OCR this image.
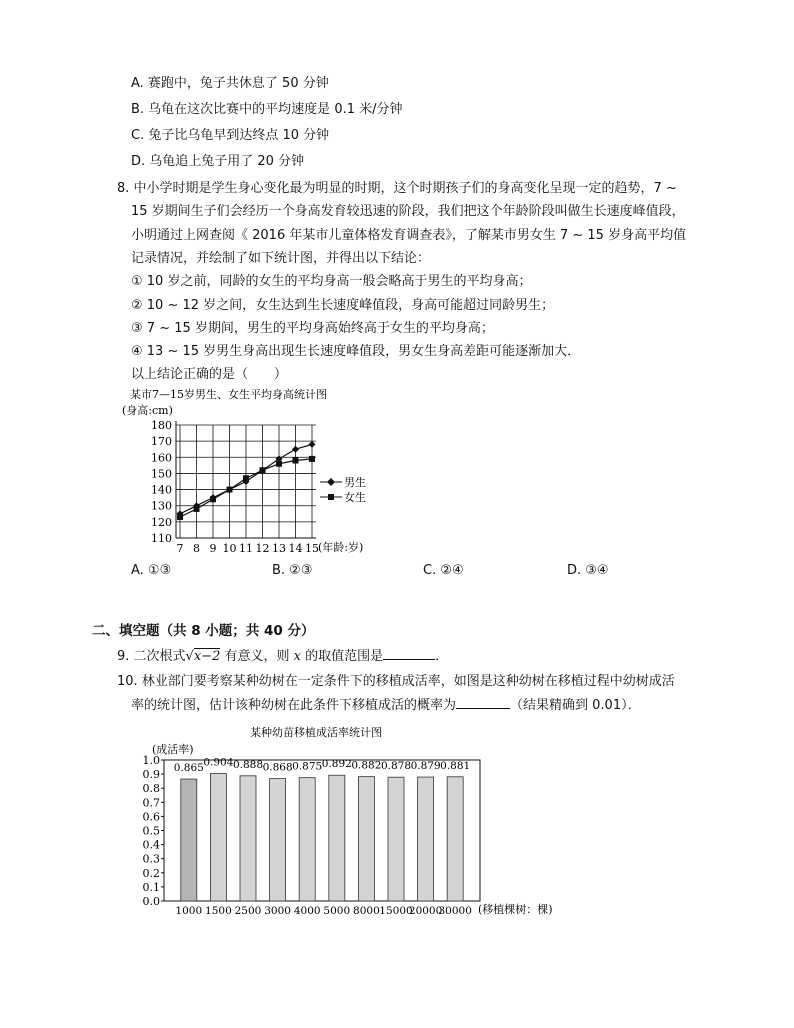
A. 赛跑中，兔子共休息了 50 分钟
B. 乌龟在这次比赛中的平均速度是 0.1 米/分钟
C. 兔子比乌龟早到达终点 10 分钟
D. 乌龟追上兔子用了 20 分钟
8. 中小学时期是学生身心变化最为明显的时期，这个时期孩子们的身高变化呈现一定的趋势，7 ~
15 岁期间生子们会经历一个身高发育较迅速的阶段，我们把这个年龄阶段叫做生长速度峰值段，
小明通过上网查阅《 2016 年某市儿童体格发育调查表》，了解某市男女生 7 ~ 15 岁身高平均值
记录情况，并绘制了如下统计图，并得出以下结论：
① 10 岁之前，同龄的女生的平均身高一般会略高于男生的平均身高；
② 10 ~ 12 岁之间，女生达到生长速度峰值段，身高可能超过同龄男生；
③ 7 ~ 15 岁期间，男生的平均身高始终高于女生的平均身高；
④ 13 ~ 15 岁男生身高出现生长速度峰值段，男女生身高差距可能逐渐加大．
以上结论正确的是（　　）
某市7—15岁男生、女生平均身高统计图
(身高:cm)
110
120
130
140
150
160
170
180
7 8 9 10 11 12 13 14 15
男生
女生
(年龄:岁)
A. ①③	B. ②③	C. ②④	D. ③④
二、填空题（共 8 小题；共 40 分）
9. 二次根式√x−2 有意义，则 x 的取值范围是	．
10. 林业部门要考察某种幼树在一定条件下的移植成活率，如图是这种幼树在移植过程中幼树成活
率的统计图，估计该种幼树在此条件下移植成活的概率为	（结果精确到 0.01）．
某种幼苗移植成活率统计图
(成活率)
0.0
0.1
0.2
0.3
0.4
0.5
0.6
0.7
0.8
0.9
1.0
0.865 0.904 0.888 0.868 0.875 0.892 0.882 0.878 0.879 0.881
1000 1500 2500 3000 4000 5000 8000 15000
20000
30000 (移植棵树：棵)
